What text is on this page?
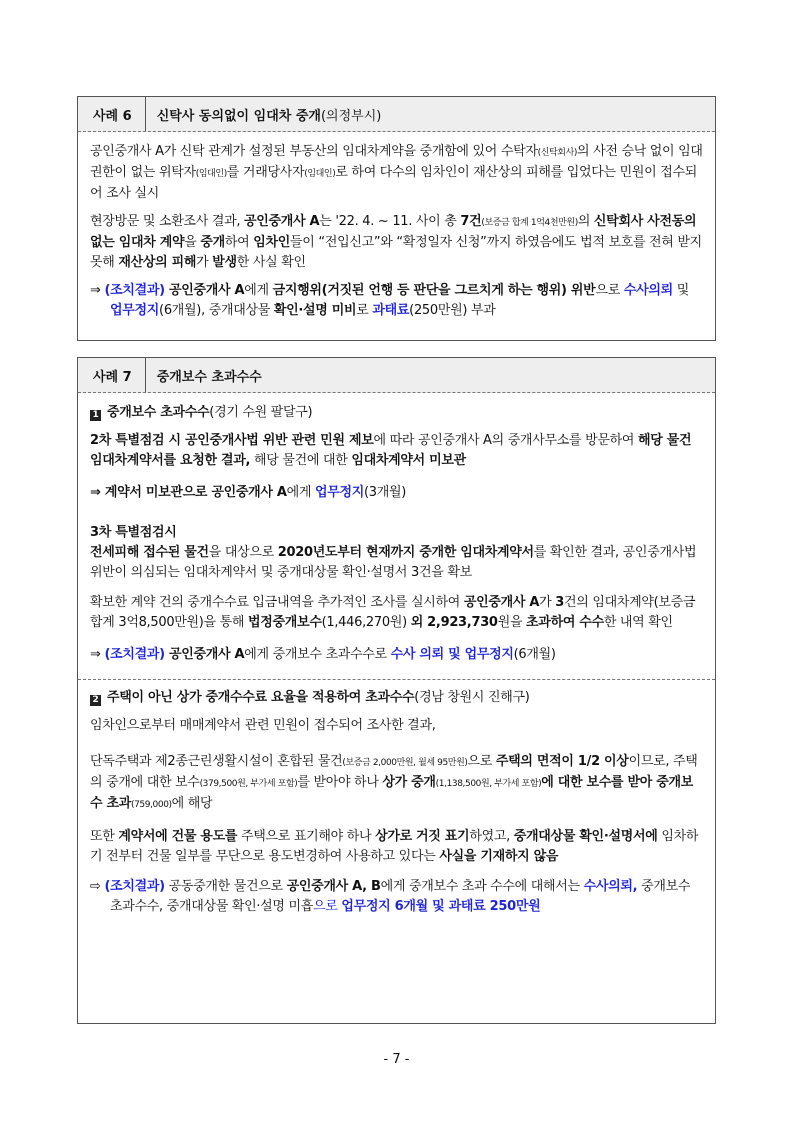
사례 6	신탁사 동의없이 임대차 중개(의정부시)

공인중개사 A가 신탁 관계가 설정된 부동산의 임대차계약을 중개함에 있어 수탁자(신탁회사)의 사전 승낙 없이 임대 권한이 없는 위탁자(임대인)를 거래당사자(임대인)로 하여 다수의 임차인이 재산상의 피해를 입었다는 민원이 접수되어 조사 실시

현장방문 및 소환조사 결과, 공인중개사 A는 '22. 4. ~ 11. 사이 총 7건(보증금 합계 1억4천만원)의 신탁회사 사전동의 없는 임대차 계약을 중개하여 임차인들이 “전입신고”와 “확정일자 신청”까지 하였음에도 법적 보호를 전혀 받지 못해 재산상의 피해가 발생한 사실 확인

⇒ (조치결과) 공인중개사 A에게 금지행위(거짓된 언행 등 판단을 그르치게 하는 행위) 위반으로 수사의뢰 및 업무정지(6개월), 중개대상물 확인·설명 미비로 과태료(250만원) 부과

사례 7	중개보수 초과수수

1 중개보수 초과수수(경기 수원 팔달구)

2차 특별점검 시 공인중개사법 위반 관련 민원 제보에 따라 공인중개사 A의 중개사무소를 방문하여 해당 물건 임대차계약서를 요청한 결과, 해당 물건에 대한 임대차계약서 미보관

⇒ 계약서 미보관으로 공인중개사 A에게 업무정지(3개월)

3차 특별점검시
전세피해 접수된 물건을 대상으로 2020년도부터 현재까지 중개한 임대차계약서를 확인한 결과, 공인중개사법 위반이 의심되는 임대차계약서 및 중개대상물 확인·설명서 3건을 확보

확보한 계약 건의 중개수수료 입금내역을 추가적인 조사를 실시하여 공인중개사 A가 3건의 임대차계약(보증금 합계 3억8,500만원)을 통해 법정중개보수(1,446,270원) 외 2,923,730원을 초과하여 수수한 내역 확인

⇒ (조치결과) 공인중개사 A에게 중개보수 초과수수로 수사 의뢰 및 업무정지(6개월)

2 주택이 아닌 상가 중개수수료 요율을 적용하여 초과수수(경남 창원시 진해구)

임차인으로부터 매매계약서 관련 민원이 접수되어 조사한 결과,

단독주택과 제2종근린생활시설이 혼합된 물건(보증금 2,000만원, 월세 95만원)으로 주택의 면적이 1/2 이상이므로, 주택의 중개에 대한 보수(379,500원, 부가세 포함)를 받아야 하나 상가 중개(1,138,500원, 부가세 포함)에 대한 보수를 받아 중개보수 초과(759,000)에 해당

또한 계약서에 건물 용도를 주택으로 표기해야 하나 상가로 거짓 표기하였고, 중개대상물 확인·설명서에 임차하기 전부터 건물 일부를 무단으로 용도변경하여 사용하고 있다는 사실을 기재하지 않음

⇨ (조치결과) 공동중개한 물건으로 공인중개사 A, B에게 중개보수 초과 수수에 대해서는 수사의뢰, 중개보수 초과수수, 중개대상물 확인·설명 미흡으로 업무정지 6개월 및 과태료 250만원

- 7 -
